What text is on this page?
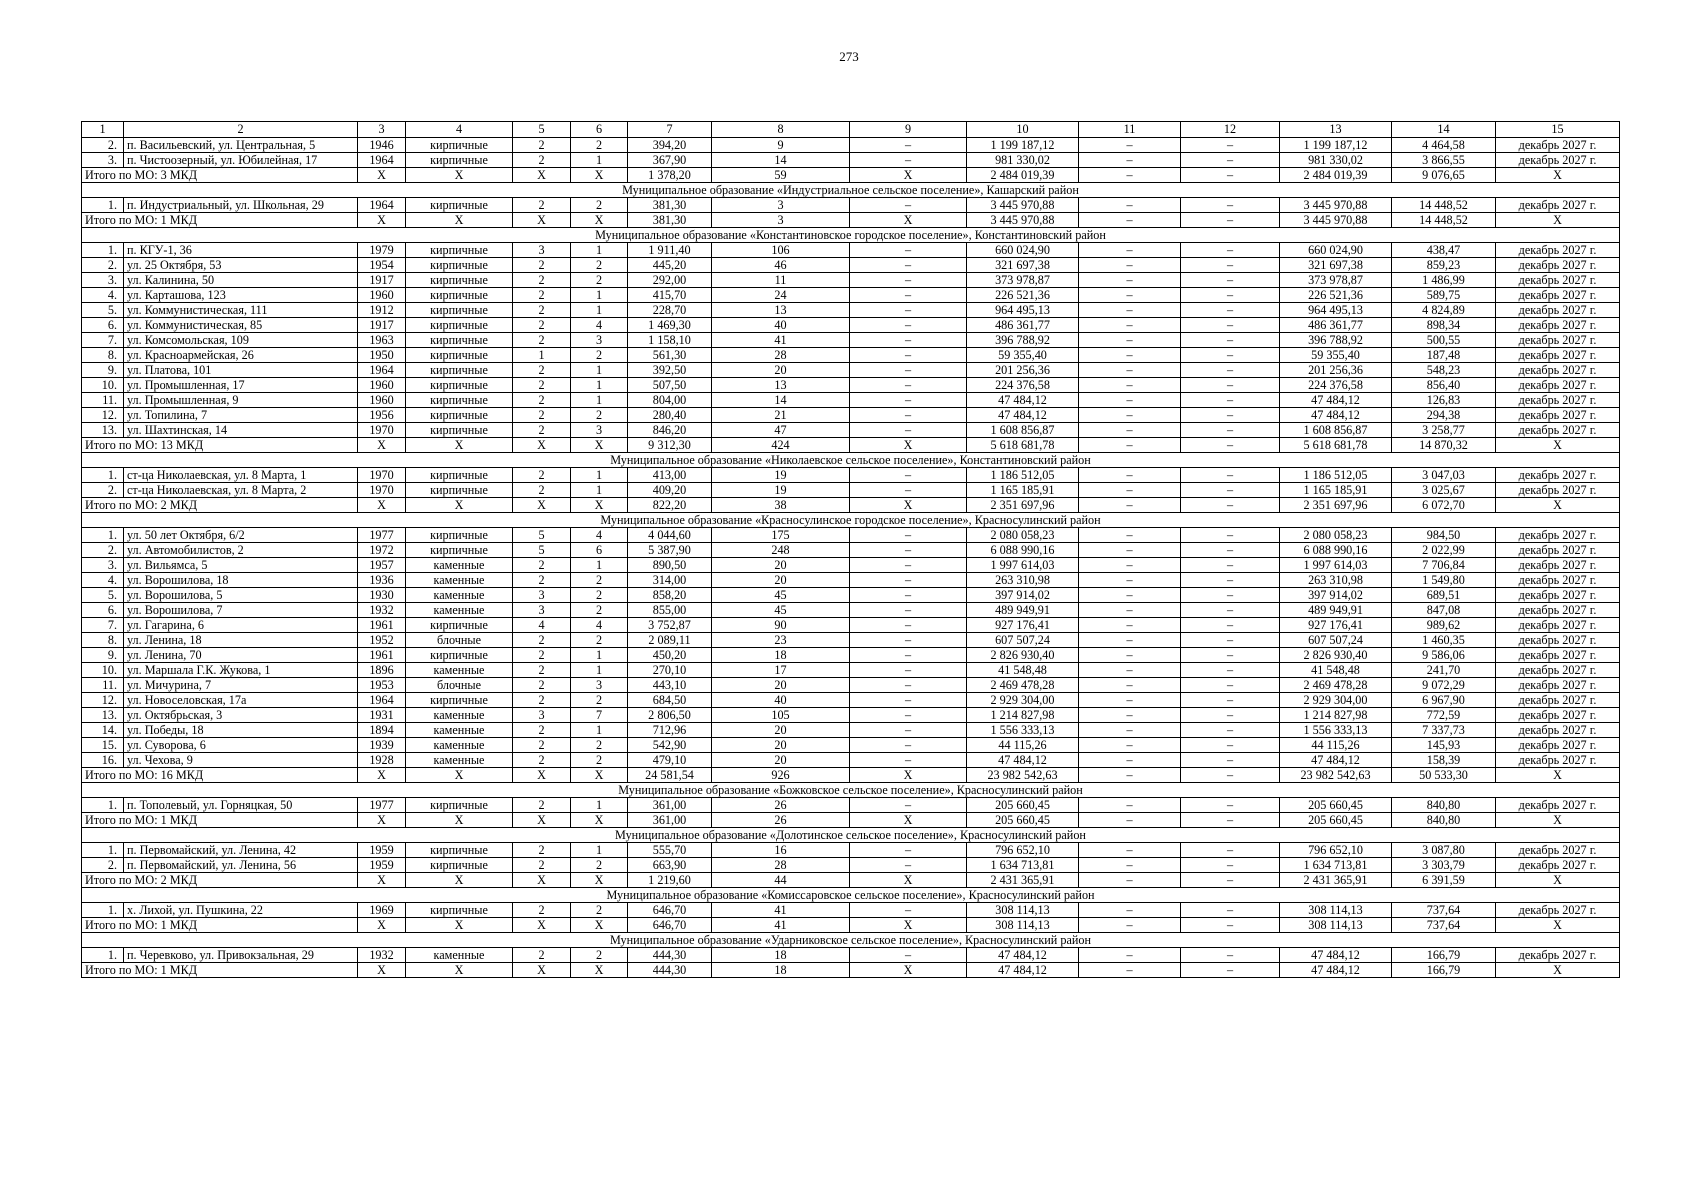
273
1	2	3	4	5	6	7	8	9	10	11	12	13	14	15
2.	п. Васильевский, ул. Центральная, 5	1946	кирпичные	2	2	394,20	9	–	1 199 187,12	–	–	1 199 187,12	4 464,58	декабрь 2027 г.
3.	п. Чистоозерный, ул. Юбилейная, 17	1964	кирпичные	2	1	367,90	14	–	981 330,02	–	–	981 330,02	3 866,55	декабрь 2027 г.
Итого по МО: 3 МКД		X	X	X	X	1 378,20	59	X	2 484 019,39	–	–	2 484 019,39	9 076,65	X
Муниципальное образование «Индустриальное сельское поселение», Кашарский район														
1.	п. Индустриальный, ул. Школьная, 29	1964	кирпичные	2	2	381,30	3	–	3 445 970,88	–	–	3 445 970,88	14 448,52	декабрь 2027 г.
Итого по МО: 1 МКД		X	X	X	X	381,30	3	X	3 445 970,88	–	–	3 445 970,88	14 448,52	X
Муниципальное образование «Константиновское городское поселение», Константиновский район														
1.	п. КГУ-1, 36	1979	кирпичные	3	1	1 911,40	106	–	660 024,90	–	–	660 024,90	438,47	декабрь 2027 г.
2.	ул. 25 Октября, 53	1954	кирпичные	2	2	445,20	46	–	321 697,38	–	–	321 697,38	859,23	декабрь 2027 г.
3.	ул. Калинина, 50	1917	кирпичные	2	2	292,00	11	–	373 978,87	–	–	373 978,87	1 486,99	декабрь 2027 г.
4.	ул. Карташова, 123	1960	кирпичные	2	1	415,70	24	–	226 521,36	–	–	226 521,36	589,75	декабрь 2027 г.
5.	ул. Коммунистическая, 111	1912	кирпичные	2	1	228,70	13	–	964 495,13	–	–	964 495,13	4 824,89	декабрь 2027 г.
6.	ул. Коммунистическая, 85	1917	кирпичные	2	4	1 469,30	40	–	486 361,77	–	–	486 361,77	898,34	декабрь 2027 г.
7.	ул. Комсомольская, 109	1963	кирпичные	2	3	1 158,10	41	–	396 788,92	–	–	396 788,92	500,55	декабрь 2027 г.
8.	ул. Красноармейская, 26	1950	кирпичные	1	2	561,30	28	–	59 355,40	–	–	59 355,40	187,48	декабрь 2027 г.
9.	ул. Платова, 101	1964	кирпичные	2	1	392,50	20	–	201 256,36	–	–	201 256,36	548,23	декабрь 2027 г.
10.	ул. Промышленная, 17	1960	кирпичные	2	1	507,50	13	–	224 376,58	–	–	224 376,58	856,40	декабрь 2027 г.
11.	ул. Промышленная, 9	1960	кирпичные	2	1	804,00	14	–	47 484,12	–	–	47 484,12	126,83	декабрь 2027 г.
12.	ул. Топилина, 7	1956	кирпичные	2	2	280,40	21	–	47 484,12	–	–	47 484,12	294,38	декабрь 2027 г.
13.	ул. Шахтинская, 14	1970	кирпичные	2	3	846,20	47	–	1 608 856,87	–	–	1 608 856,87	3 258,77	декабрь 2027 г.
Итого по МО: 13 МКД		X	X	X	X	9 312,30	424	X	5 618 681,78	–	–	5 618 681,78	14 870,32	X
Муниципальное образование «Николаевское сельское поселение», Константиновский район														
1.	ст-ца Николаевская, ул. 8 Марта, 1	1970	кирпичные	2	1	413,00	19	–	1 186 512,05	–	–	1 186 512,05	3 047,03	декабрь 2027 г.
2.	ст-ца Николаевская, ул. 8 Марта, 2	1970	кирпичные	2	1	409,20	19	–	1 165 185,91	–	–	1 165 185,91	3 025,67	декабрь 2027 г.
Итого по МО: 2 МКД		X	X	X	X	822,20	38	X	2 351 697,96	–	–	2 351 697,96	6 072,70	X
Муниципальное образование «Красносулинское городское поселение», Красносулинский район														
1.	ул. 50 лет Октября, 6/2	1977	кирпичные	5	4	4 044,60	175	–	2 080 058,23	–	–	2 080 058,23	984,50	декабрь 2027 г.
2.	ул. Автомобилистов, 2	1972	кирпичные	5	6	5 387,90	248	–	6 088 990,16	–	–	6 088 990,16	2 022,99	декабрь 2027 г.
3.	ул. Вильямса, 5	1957	каменные	2	1	890,50	20	–	1 997 614,03	–	–	1 997 614,03	7 706,84	декабрь 2027 г.
4.	ул. Ворошилова, 18	1936	каменные	2	2	314,00	20	–	263 310,98	–	–	263 310,98	1 549,80	декабрь 2027 г.
5.	ул. Ворошилова, 5	1930	каменные	3	2	858,20	45	–	397 914,02	–	–	397 914,02	689,51	декабрь 2027 г.
6.	ул. Ворошилова, 7	1932	каменные	3	2	855,00	45	–	489 949,91	–	–	489 949,91	847,08	декабрь 2027 г.
7.	ул. Гагарина, 6	1961	кирпичные	4	4	3 752,87	90	–	927 176,41	–	–	927 176,41	989,62	декабрь 2027 г.
8.	ул. Ленина, 18	1952	блочные	2	2	2 089,11	23	–	607 507,24	–	–	607 507,24	1 460,35	декабрь 2027 г.
9.	ул. Ленина, 70	1961	кирпичные	2	1	450,20	18	–	2 826 930,40	–	–	2 826 930,40	9 586,06	декабрь 2027 г.
10.	ул. Маршала Г.К. Жукова, 1	1896	каменные	2	1	270,10	17	–	41 548,48	–	–	41 548,48	241,70	декабрь 2027 г.
11.	ул. Мичурина, 7	1953	блочные	2	3	443,10	20	–	2 469 478,28	–	–	2 469 478,28	9 072,29	декабрь 2027 г.
12.	ул. Новоселовская, 17а	1964	кирпичные	2	2	684,50	40	–	2 929 304,00	–	–	2 929 304,00	6 967,90	декабрь 2027 г.
13.	ул. Октябрьская, 3	1931	каменные	3	7	2 806,50	105	–	1 214 827,98	–	–	1 214 827,98	772,59	декабрь 2027 г.
14.	ул. Победы, 18	1894	каменные	2	1	712,96	20	–	1 556 333,13	–	–	1 556 333,13	7 337,73	декабрь 2027 г.
15.	ул. Суворова, 6	1939	каменные	2	2	542,90	20	–	44 115,26	–	–	44 115,26	145,93	декабрь 2027 г.
16.	ул. Чехова, 9	1928	каменные	2	2	479,10	20	–	47 484,12	–	–	47 484,12	158,39	декабрь 2027 г.
Итого по МО: 16 МКД		X	X	X	X	24 581,54	926	X	23 982 542,63	–	–	23 982 542,63	50 533,30	X
Муниципальное образование «Божковское сельское поселение», Красносулинский район														
1.	п. Тополевый, ул. Горняцкая, 50	1977	кирпичные	2	1	361,00	26	–	205 660,45	–	–	205 660,45	840,80	декабрь 2027 г.
Итого по МО: 1 МКД		X	X	X	X	361,00	26	X	205 660,45	–	–	205 660,45	840,80	X
Муниципальное образование «Долотинское сельское поселение», Красносулинский район														
1.	п. Первомайский, ул. Ленина, 42	1959	кирпичные	2	1	555,70	16	–	796 652,10	–	–	796 652,10	3 087,80	декабрь 2027 г.
2.	п. Первомайский, ул. Ленина, 56	1959	кирпичные	2	2	663,90	28	–	1 634 713,81	–	–	1 634 713,81	3 303,79	декабрь 2027 г.
Итого по МО: 2 МКД		X	X	X	X	1 219,60	44	X	2 431 365,91	–	–	2 431 365,91	6 391,59	X
Муниципальное образование «Комиссаровское сельское поселение», Красносулинский район														
1.	х. Лихой, ул. Пушкина, 22	1969	кирпичные	2	2	646,70	41	–	308 114,13	–	–	308 114,13	737,64	декабрь 2027 г.
Итого по МО: 1 МКД		X	X	X	X	646,70	41	X	308 114,13	–	–	308 114,13	737,64	X
Муниципальное образование «Ударниковское сельское поселение», Красносулинский район														
1.	п. Черевково, ул. Привокзальная, 29	1932	каменные	2	2	444,30	18	–	47 484,12	–	–	47 484,12	166,79	декабрь 2027 г.
Итого по МО: 1 МКД		X	X	X	X	444,30	18	X	47 484,12	–	–	47 484,12	166,79	X
